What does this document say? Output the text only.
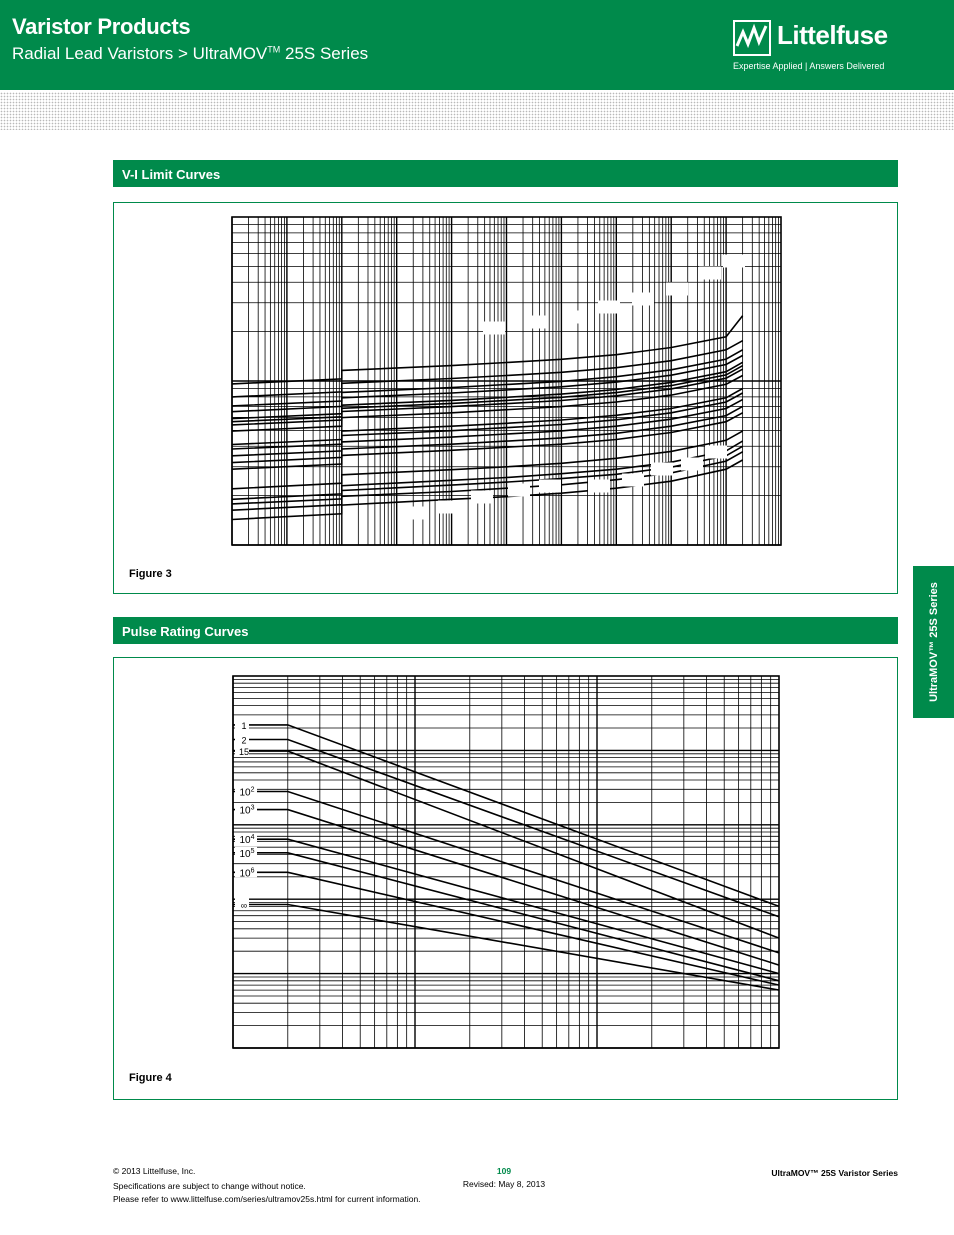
Varistor Products
Radial Lead Varistors > UltraMOV™ 25S Series
Littelfuse
Expertise Applied | Answers Delivered
V-I Limit Curves
Figure 3
Pulse Rating Curves
1
2
15
$10^2$
$10^3$
$10^4$
$10^5$
$10^6$
∞
Figure 4
UltraMOV™ 25S Series
© 2013 Littelfuse, Inc.
Specifications are subject to change without notice.
Please refer to www.littelfuse.com/series/ultramov25s.html for current information.
109
Revised: May 8, 2013
UltraMOV™ 25S Varistor Series
